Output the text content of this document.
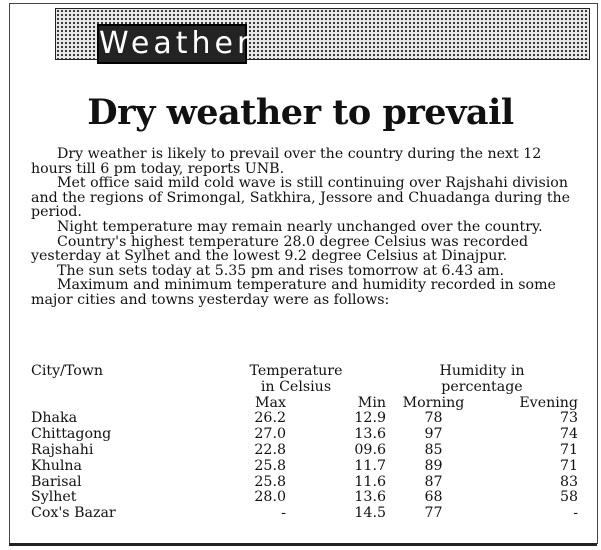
Weather
Dry weather to prevail

Dry weather is likely to prevail over the country during the next 12 hours till 6 pm today, reports UNB.

Met office said mild cold wave is still continuing over Rajshahi division and the regions of Srimongal, Satkhira, Jessore and Chuadanga during the period.

Night temperature may remain nearly unchanged over the country.

Country's highest temperature 28.0 degree Celsius was recorded yesterday at Sylhet and the lowest 9.2 degree Celsius at Dinajpur.

The sun sets today at 5.35 pm and rises tomorrow at 6.43 am.

Maximum and minimum temperature and humidity recorded in some major cities and towns yesterday were as follows:

City/Town	Temperature		Humidity in	
	in Celsius		percentage	
	Max	Min	Morning	Evening
Dhaka	26.2	12.9	78	73
Chittagong	27.0	13.6	97	74
Rajshahi	22.8	09.6	85	71
Khulna	25.8	11.7	89	71
Barisal	25.8	11.6	87	83
Sylhet	28.0	13.6	68	58
Cox's Bazar	-	14.5	77	-
